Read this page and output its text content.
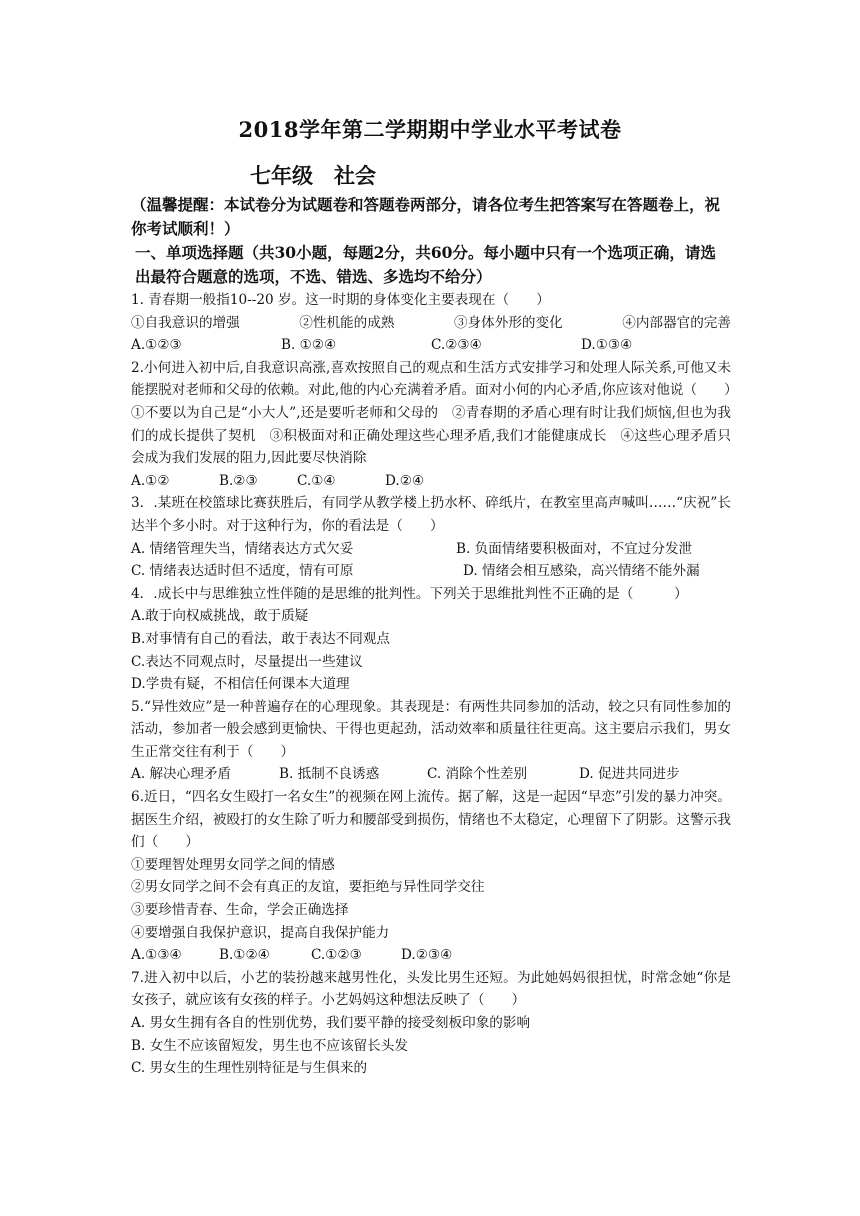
2018学年第二学期期中学业水平考试卷
七年级　社会
（温馨提醒：本试卷分为试题卷和答题卷两部分，请各位考生把答案写在答题卷上，祝你考试顺利！）
一、单项选择题（共30小题，每题2分，共60分。每小题中只有一个选项正确，请选出最符合题意的选项，不选、错选、多选均不给分）
1. 青春期一般指10--20 岁。这一时期的身体变化主要表现在（　　）
①自我意识的增强	②性机能的成熟	③身体外形的变化	④内部器官的完善
A.①②③	B. ①②④	C.②③④	D.①③④
2.小何进入初中后,自我意识高涨,喜欢按照自己的观点和生活方式安排学习和处理人际关系,可他又未能摆脱对老师和父母的依赖。对此,他的内心充满着矛盾。面对小何的内心矛盾,你应该对他说（　　）
①不要以为自己是“小大人”,还是要听老师和父母的　②青春期的矛盾心理有时让我们烦恼,但也为我们的成长提供了契机　③积极面对和正确处理这些心理矛盾,我们才能健康成长　④这些心理矛盾只会成为我们发展的阻力,因此要尽快消除
A.①②	B.②③	C.①④	D.②④
3．.某班在校篮球比赛获胜后，有同学从教学楼上扔水杯、碎纸片，在教室里高声喊叫……“庆祝”长达半个多小时。对于这种行为，你的看法是（　　）
A. 情绪管理失当，情绪表达方式欠妥	B. 负面情绪要积极面对，不宜过分发泄
C. 情绪表达适时但不适度，情有可原	D. 情绪会相互感染，高兴情绪不能外漏
4．.成长中与思维独立性伴随的是思维的批判性。下列关于思维批判性不正确的是（　　　）
A.敢于向权威挑战，敢于质疑
B.对事情有自己的看法，敢于表达不同观点
C.表达不同观点时，尽量提出一些建议
D.学贵有疑，不相信任何课本大道理
5.“异性效应”是一种普遍存在的心理现象。其表现是：有两性共同参加的活动，较之只有同性参加的活动，参加者一般会感到更愉快、干得也更起劲，活动效率和质量往往更高。这主要启示我们，男女生正常交往有利于（　　）
A. 解决心理矛盾	B. 抵制不良诱惑	C. 消除个性差别	D. 促进共同进步
6.近日，“四名女生殴打一名女生”的视频在网上流传。据了解，这是一起因“早恋”引发的暴力冲突。据医生介绍，被殴打的女生除了听力和腰部受到损伤，情绪也不太稳定，心理留下了阴影。这警示我们（　　）
①要理智处理男女同学之间的情感
②男女同学之间不会有真正的友谊，要拒绝与异性同学交往
③要珍惜青春、生命，学会正确选择
④要增强自我保护意识，提高自我保护能力
A.①③④	B.①②④	C.①②③	D.②③④
7.进入初中以后，小艺的装扮越来越男性化，头发比男生还短。为此她妈妈很担忧，时常念她“你是女孩子，就应该有女孩的样子。小艺妈妈这种想法反映了（　　）
A. 男女生拥有各自的性别优势，我们要平静的接受刻板印象的影响
B. 女生不应该留短发，男生也不应该留长头发
C. 男女生的生理性别特征是与生俱来的
